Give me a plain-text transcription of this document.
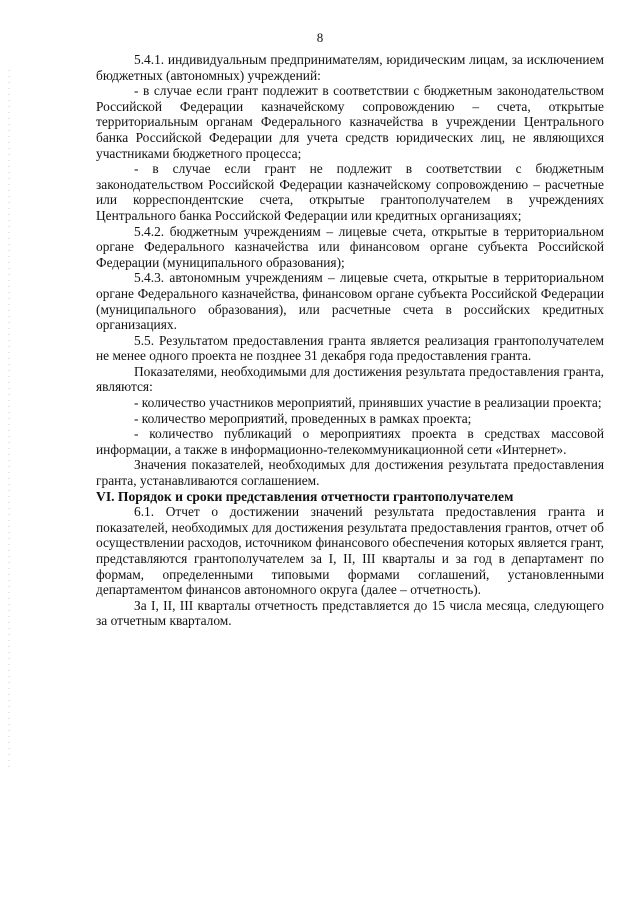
8

5.4.1. индивидуальным предпринимателям, юридическим лицам, за исключением бюджетных (автономных) учреждений:

- в случае если грант подлежит в соответствии с бюджетным законодательством Российской Федерации казначейскому сопровождению – счета, открытые территориальным органам Федерального казначейства в учреждении Центрального банка Российской Федерации для учета средств юридических лиц, не являющихся участниками бюджетного процесса;

- в случае если грант не подлежит в соответствии с бюджетным законодательством Российской Федерации казначейскому сопровождению – расчетные или корреспондентские счета, открытые грантополучателем в учреждениях Центрального банка Российской Федерации или кредитных организациях;

5.4.2. бюджетным учреждениям – лицевые счета, открытые в территориальном органе Федерального казначейства или финансовом органе субъекта Российской Федерации (муниципального образования);

5.4.3. автономным учреждениям – лицевые счета, открытые в территориальном органе Федерального казначейства, финансовом органе субъекта Российской Федерации (муниципального образования), или расчетные счета в российских кредитных организациях.

5.5. Результатом предоставления гранта является реализация грантополучателем не менее одного проекта не позднее 31 декабря года предоставления гранта.

Показателями, необходимыми для достижения результата предоставления гранта, являются:

- количество участников мероприятий, принявших участие в реализации проекта;

- количество мероприятий, проведенных в рамках проекта;

- количество публикаций о мероприятиях проекта в средствах массовой информации, а также в информационно-телекоммуникационной сети «Интернет».

Значения показателей, необходимых для достижения результата предоставления гранта, устанавливаются соглашением.

VI. Порядок и сроки представления отчетности грантополучателем

6.1. Отчет о достижении значений результата предоставления гранта и показателей, необходимых для достижения результата предоставления грантов, отчет об осуществлении расходов, источником финансового обеспечения которых является грант, представляются грантополучателем за I, II, III кварталы и за год в департамент по формам, определенными типовыми формами соглашений, установленными департаментом финансов автономного округа (далее – отчетность).

За I, II, III кварталы отчетность представляется до 15 числа месяца, следующего за отчетным кварталом.
